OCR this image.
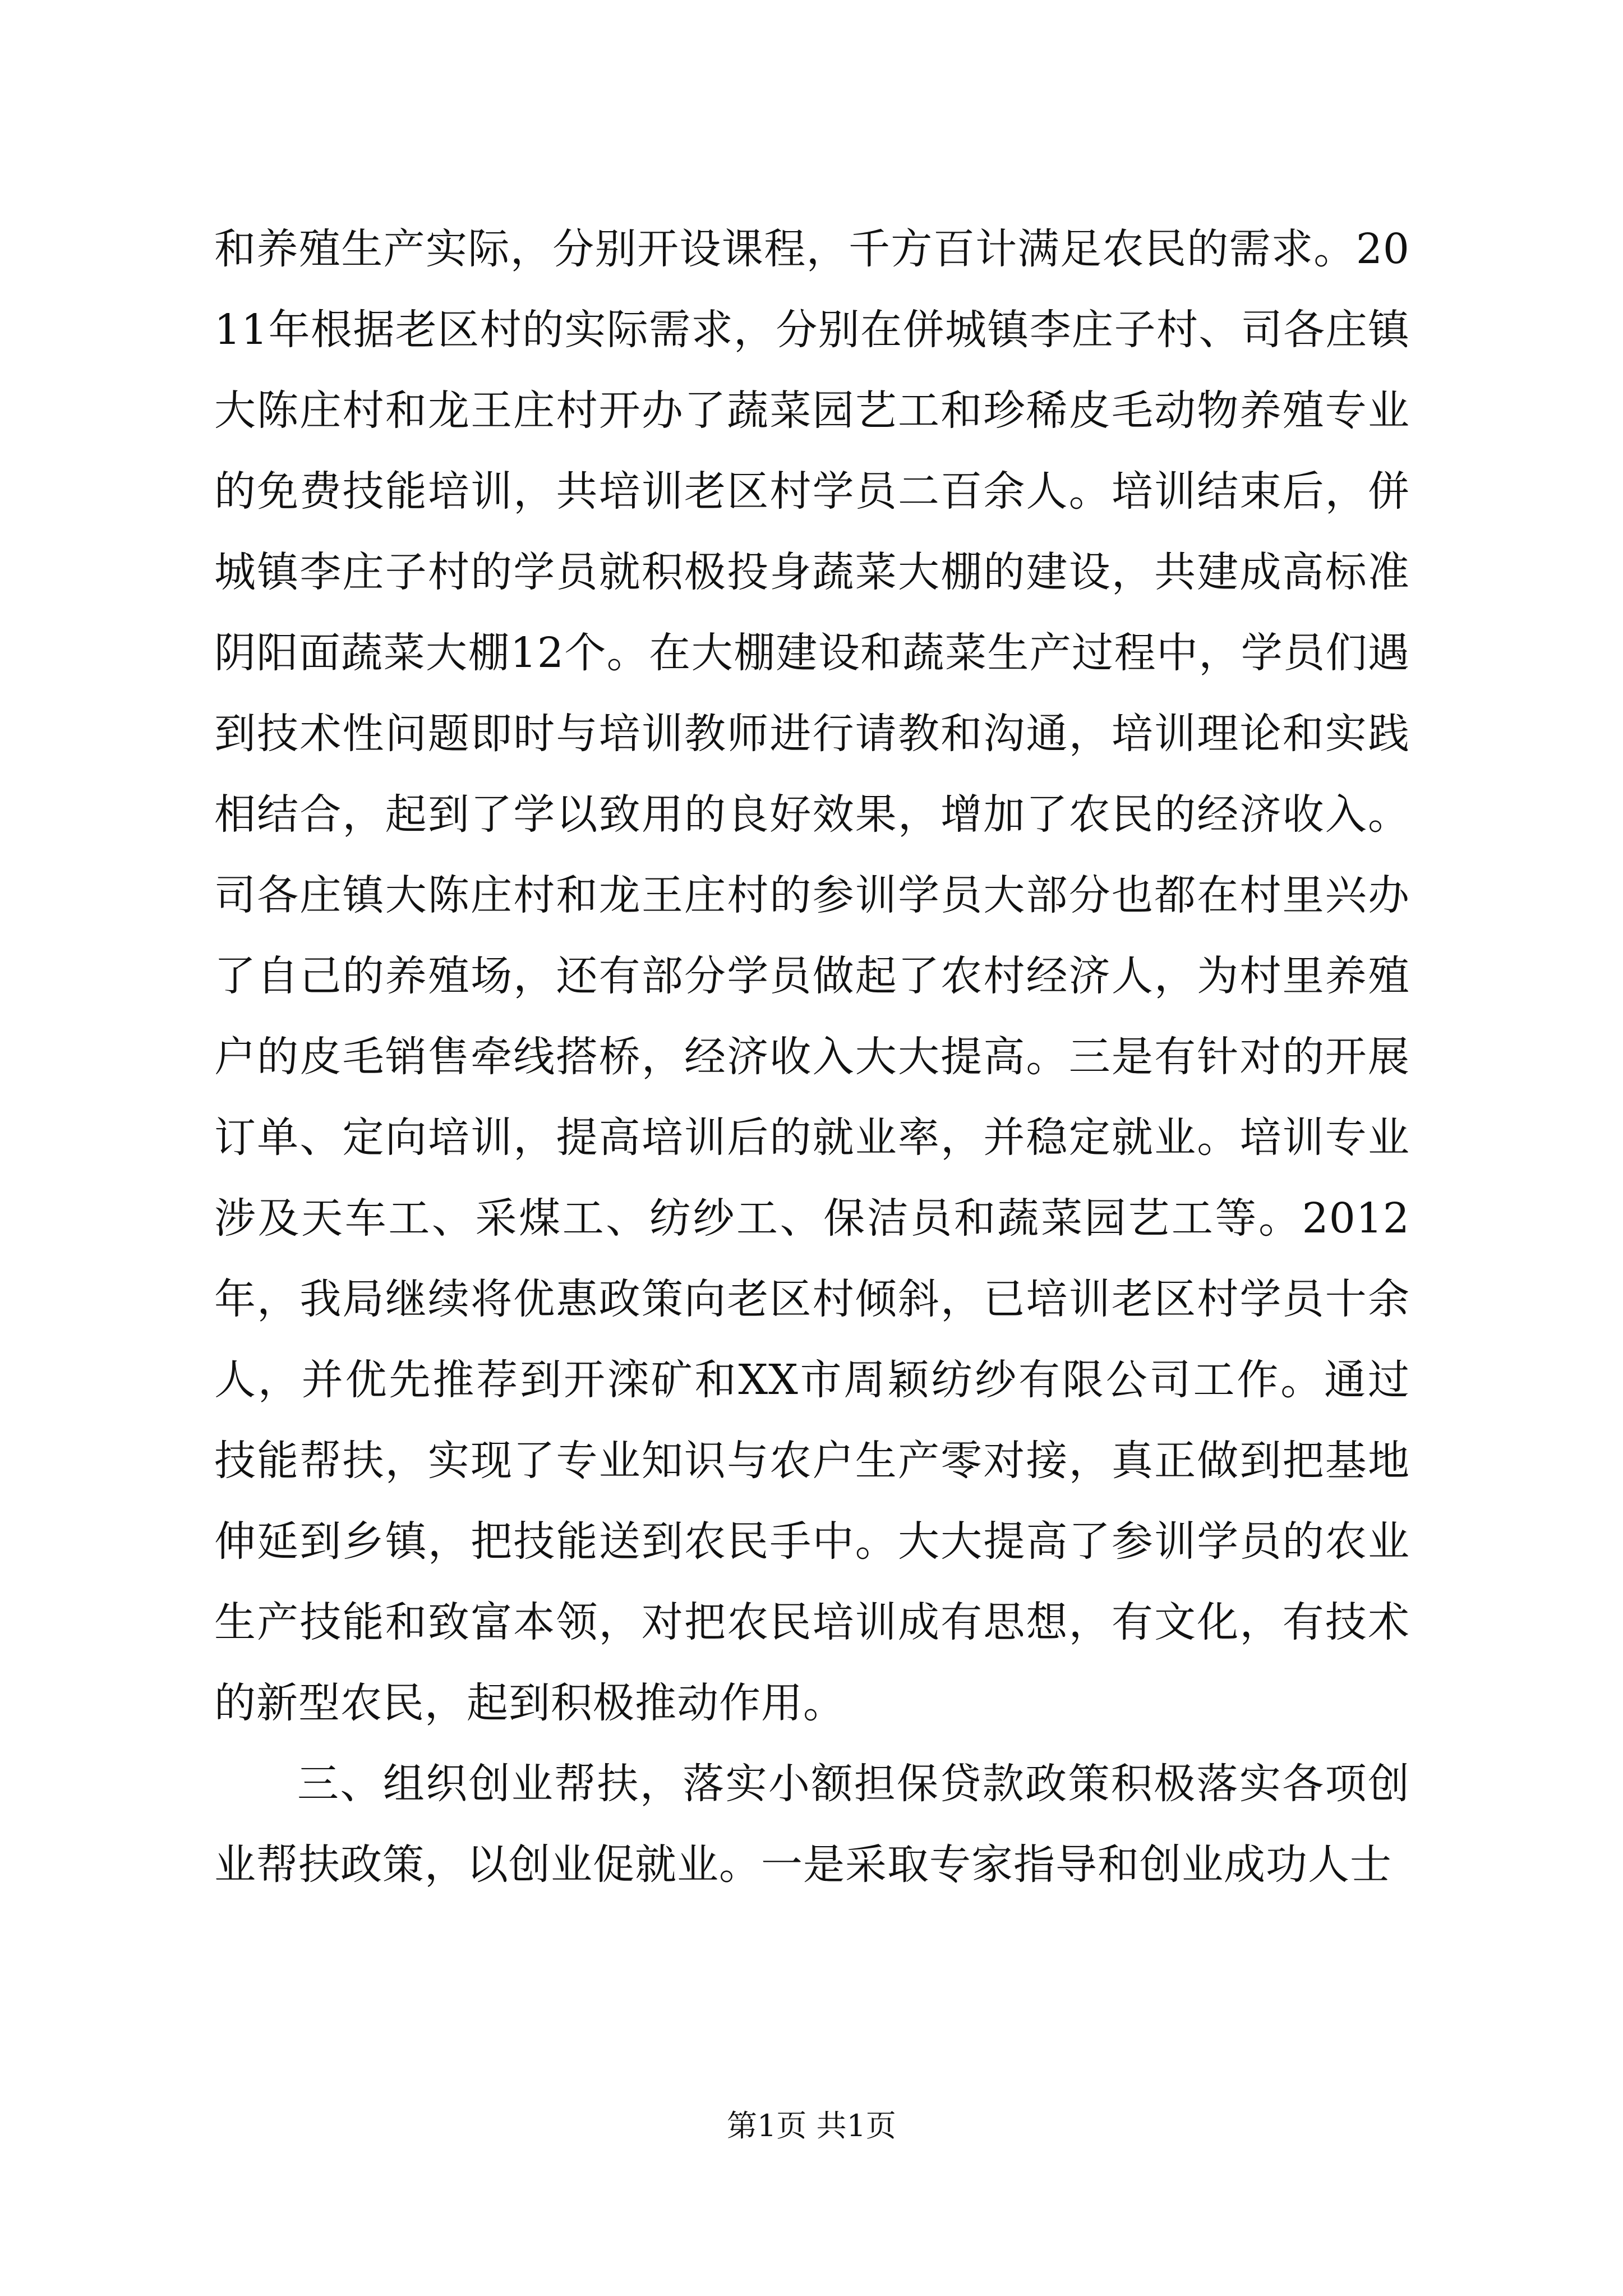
和养殖生产实际，分别开设课程，千方百计满足农民的需求。2011年根据老区村的实际需求，分别在併城镇李庄子村、司各庄镇大陈庄村和龙王庄村开办了蔬菜园艺工和珍稀皮毛动物养殖专业的免费技能培训，共培训老区村学员二百余人。培训结束后，併城镇李庄子村的学员就积极投身蔬菜大棚的建设，共建成高标准阴阳面蔬菜大棚12个。在大棚建设和蔬菜生产过程中，学员们遇到技术性问题即时与培训教师进行请教和沟通，培训理论和实践相结合，起到了学以致用的良好效果，增加了农民的经济收入。司各庄镇大陈庄村和龙王庄村的参训学员大部分也都在村里兴办了自己的养殖场，还有部分学员做起了农村经济人，为村里养殖户的皮毛销售牵线搭桥，经济收入大大提高。三是有针对的开展订单、定向培训，提高培训后的就业率，并稳定就业。培训专业涉及天车工、采煤工、纺纱工、保洁员和蔬菜园艺工等。2012年，我局继续将优惠政策向老区村倾斜，已培训老区村学员十余人，并优先推荐到开滦矿和XX市周颖纺纱有限公司工作。通过技能帮扶，实现了专业知识与农户生产零对接，真正做到把基地伸延到乡镇，把技能送到农民手中。大大提高了参训学员的农业生产技能和致富本领，对把农民培训成有思想，有文化，有技术的新型农民，起到积极推动作用。

三、组织创业帮扶，落实小额担保贷款政策积极落实各项创业帮扶政策，以创业促就业。一是采取专家指导和创业成功人士

第1页 共1页
